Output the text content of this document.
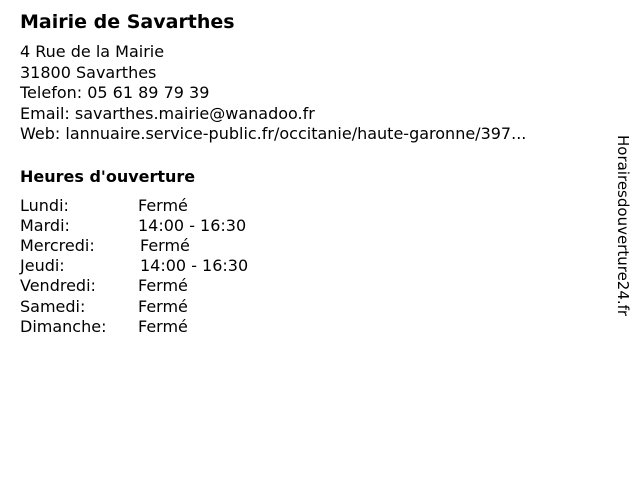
Mairie de Savarthes
4 Rue de la Mairie
31800 Savarthes
Telefon: 05 61 89 79 39
Email: savarthes.mairie@wanadoo.fr
Web: lannuaire.service-public.fr/occitanie/haute-garonne/397...
Heures d'ouverture
Lundi:	Fermé
Mardi:	14:00 - 16:30
Mercredi:	Fermé
Jeudi:	14:00 - 16:30
Vendredi:	Fermé
Samedi:	Fermé
Dimanche:	Fermé
Horairesdouverture24.fr
